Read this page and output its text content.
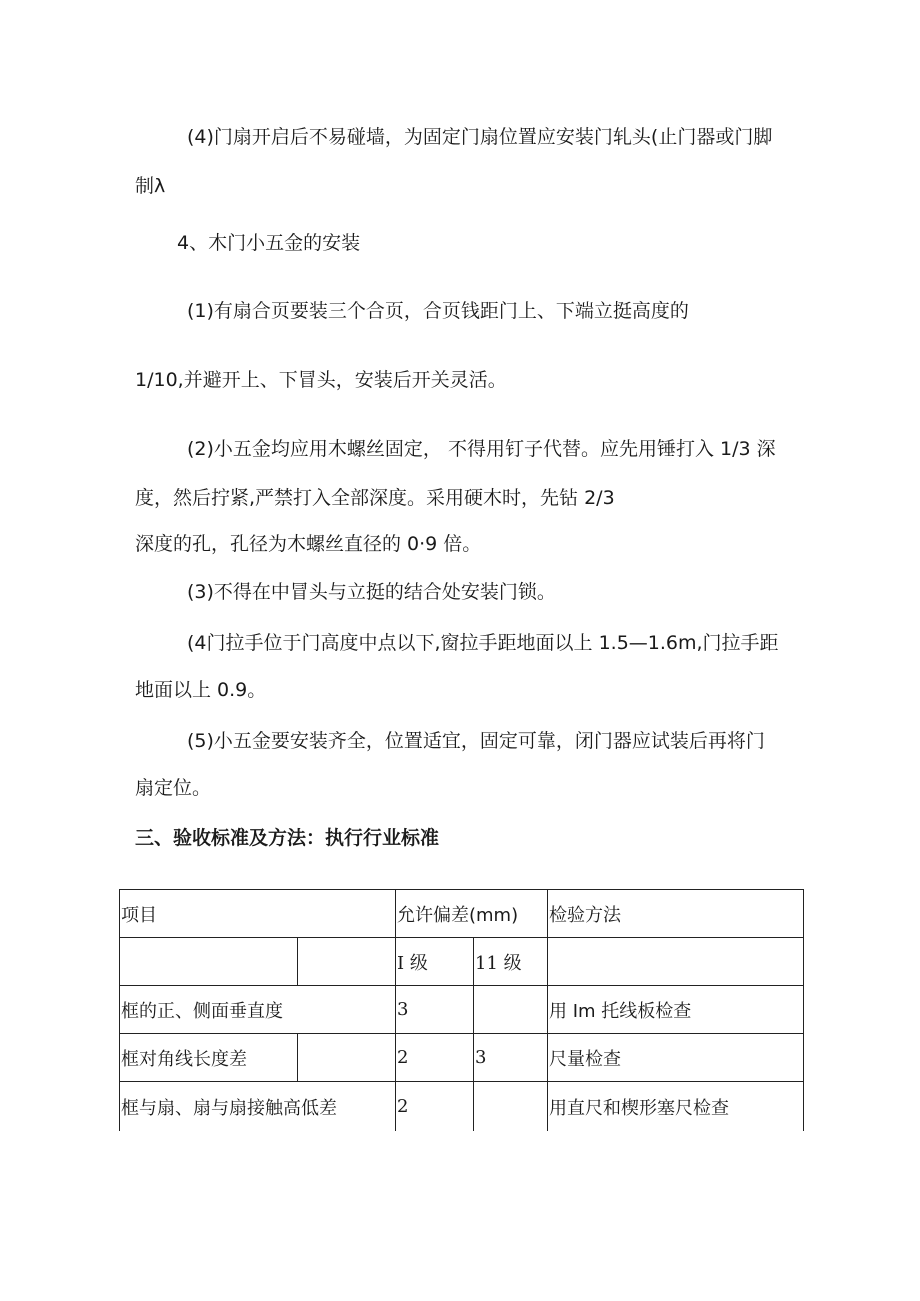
(4)门扇开启后不易碰墙，为固定门扇位置应安装门轧头(止门器或门脚
制λ
4、木门小五金的安装
(1)有扇合页要装三个合页，合页钱距门上、下端立挺高度的
1/10,并避开上、下冒头，安装后开关灵活。
(2)小五金均应用木螺丝固定， 不得用钉子代替。应先用锤打入 1/3 深
度，然后拧紧,严禁打入全部深度。采用硬木时，先钻 2/3
深度的孔，孔径为木螺丝直径的 0·9 倍。
(3)不得在中冒头与立挺的结合处安装门锁。
(4门拉手位于门高度中点以下,窗拉手距地面以上 1.5—1.6m,门拉手距
地面以上 0.9。
(5)小五金要安装齐全，位置适宜，固定可靠，闭门器应试装后再将门
扇定位。
三、验收标准及方法：执行行业标准
项目		允许偏差(mm)		检验方法
		I 级	11 级	
框的正、侧面垂直度		3		用 Im 托线板检查
框对角线长度差		2	3	尺量检查
框与扇、扇与扇接触高低差		2		用直尺和楔形塞尺检查
